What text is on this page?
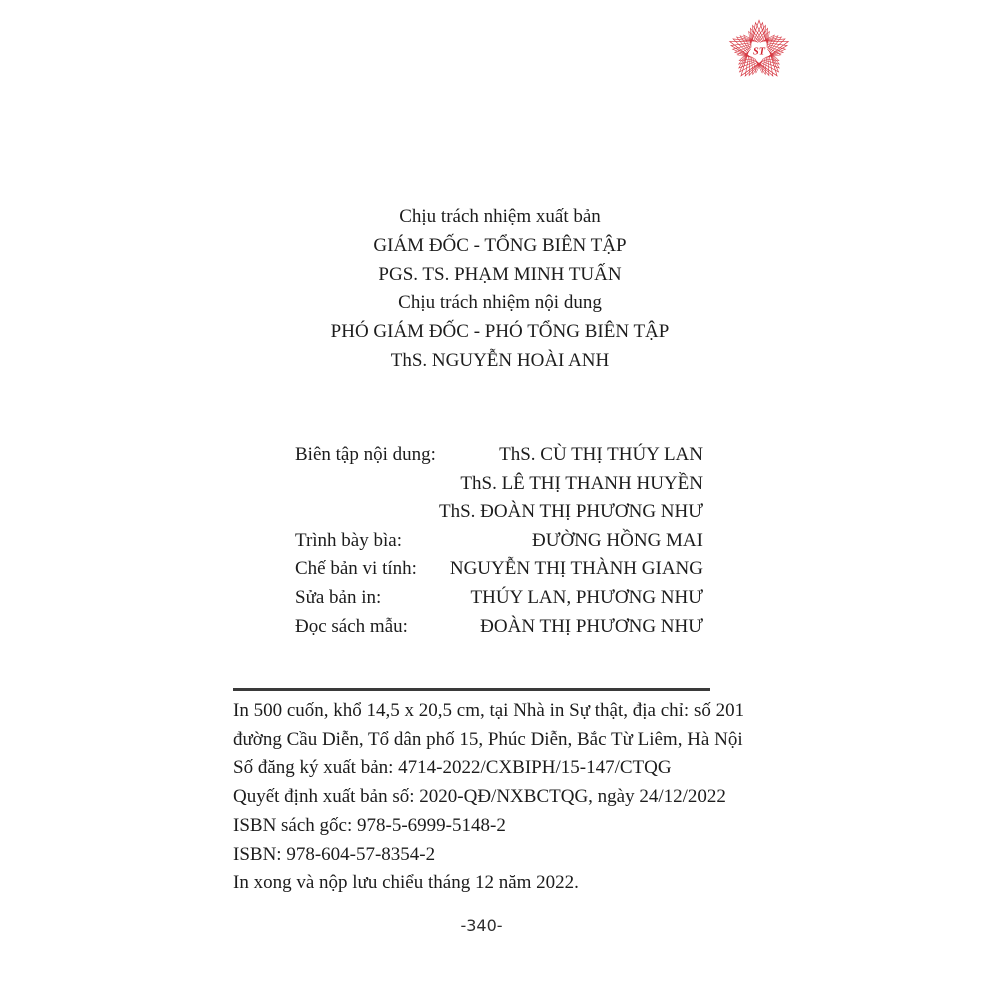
ST
Chịu trách nhiệm xuất bản
GIÁM ĐỐC - TỔNG BIÊN TẬP
PGS. TS. PHẠM MINH TUẤN
Chịu trách nhiệm nội dung
PHÓ GIÁM ĐỐC - PHÓ TỔNG BIÊN TẬP
ThS. NGUYỄN HOÀI ANH
Biên tập nội dung:	ThS. CÙ THỊ THÚY LAN
ThS. LÊ THỊ THANH HUYỀN
ThS. ĐOÀN THỊ PHƯƠNG NHƯ
Trình bày bìa:	ĐƯỜNG HỒNG MAI
Chế bản vi tính:	NGUYỄN THỊ THÀNH GIANG
Sửa bản in:	THÚY LAN, PHƯƠNG NHƯ
Đọc sách mẫu:	ĐOÀN THỊ PHƯƠNG NHƯ
In 500 cuốn, khổ 14,5 x 20,5 cm, tại Nhà in Sự thật, địa chỉ: số 201
đường Cầu Diễn, Tổ dân phố 15, Phúc Diễn, Bắc Từ Liêm, Hà Nội
Số đăng ký xuất bản: 4714-2022/CXBIPH/15-147/CTQG
Quyết định xuất bản số: 2020-QĐ/NXBCTQG, ngày 24/12/2022
ISBN sách gốc: 978-5-6999-5148-2
ISBN: 978-604-57-8354-2
In xong và nộp lưu chiểu tháng 12 năm 2022.
-340-
